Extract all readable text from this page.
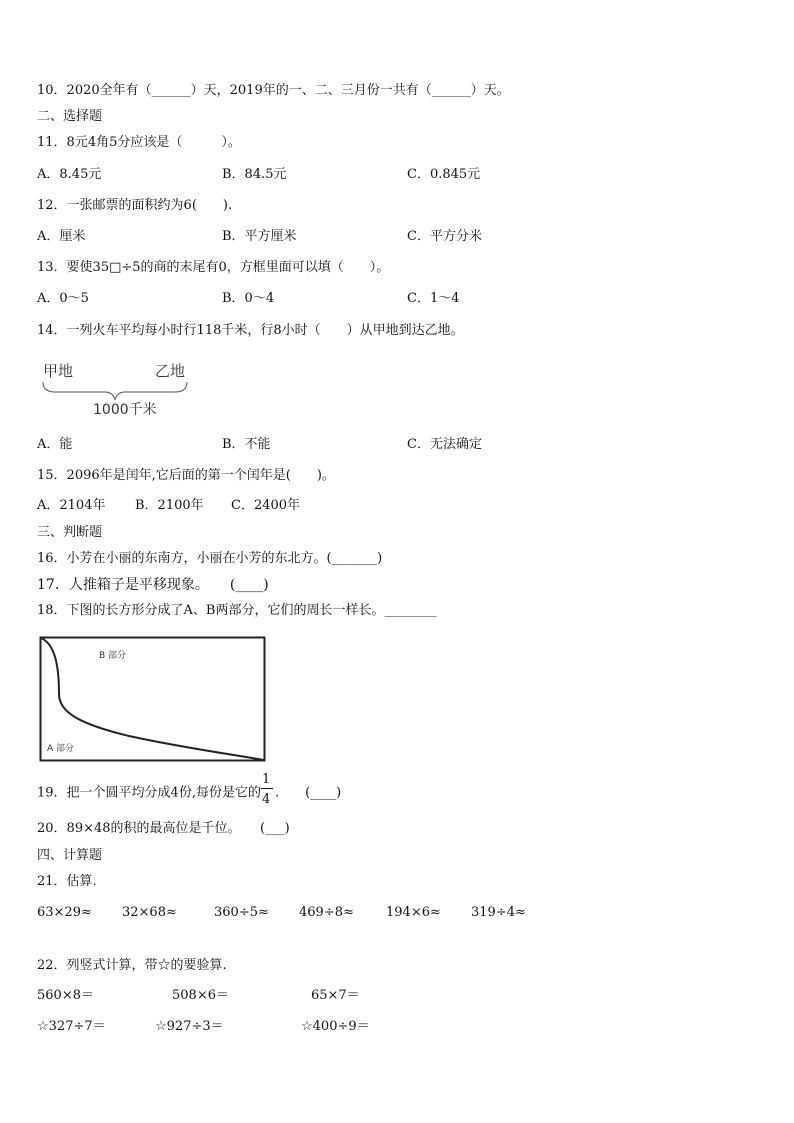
10．2020全年有（______）天，2019年的一、二、三月份一共有（______）天。
二、选择题
11．8元4角5分应该是（　　　）。
A．8.45元	B．84.5元	C．0.845元
12．一张邮票的面积约为6(　　).
A．厘米	B．平方厘米	C．平方分米
13．要使35□÷5的商的末尾有0，方框里面可以填（　　）。
A．0～5	B．0～4	C．1～4
14．一列火车平均每小时行118千米，行8小时（　　）从甲地到达乙地。
甲地	乙地
1000千米
A．能	B．不能	C．无法确定
15．2096年是闰年,它后面的第一个闰年是(　　)。
A．2104年 B．2100年 C．2400年
三、判断题
16．小芳在小丽的东南方，小丽在小芳的东北方。(_______)
17．人推箱子是平移现象。　　(____)
18．下图的长方形分成了A、B两部分，它们的周长一样长。________
B 部分
A 部分
19．把一个圆平均分成4份,每份是它的 $\frac{1}{4}$ .　　(____)
20．89×48的积的最高位是千位。　　(___)
四、计算题
21．估算.
63×29≈ 32×68≈	360÷5≈ 469÷8≈ 194×6≈ 319÷4≈
22．列竖式计算，带☆的要验算.
560×8＝	508×6＝	65×7＝
☆327÷7＝	☆927÷3＝	☆400÷9＝
